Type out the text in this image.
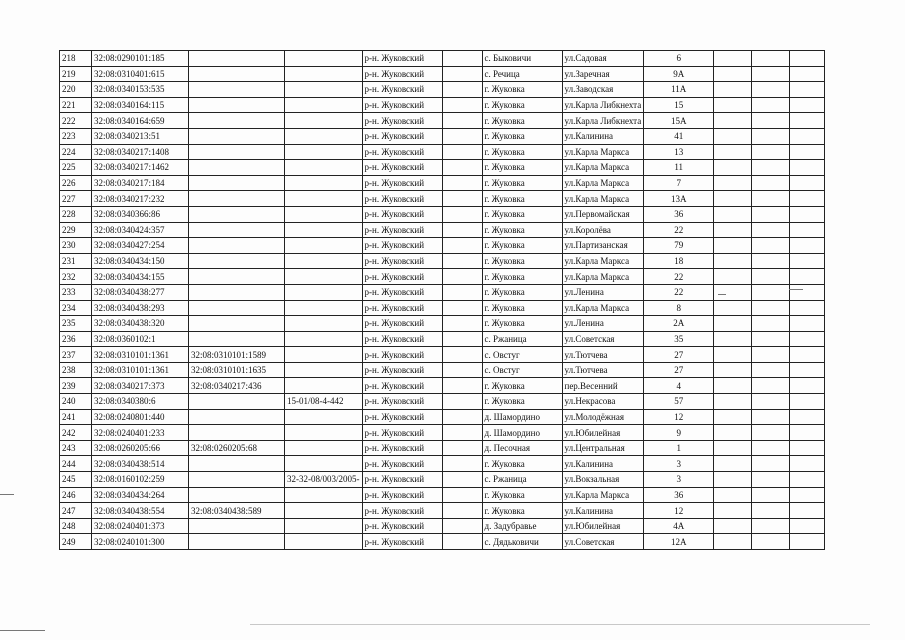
218	32:08:0290101:185			р-н. Жуковский		с. Быковичи	ул.Садовая	6			
219	32:08:0310401:615			р-н. Жуковский		с. Речица	ул.Заречная	9А			
220	32:08:0340153:535			р-н. Жуковский		г. Жуковка	ул.Заводская	11А			
221	32:08:0340164:115			р-н. Жуковский		г. Жуковка	ул.Карла Либкнехта	15			
222	32:08:0340164:659			р-н. Жуковский		г. Жуковка	ул.Карла Либкнехта	15А			
223	32:08:0340213:51			р-н. Жуковский		г. Жуковка	ул.Калинина	41			
224	32:08:0340217:1408			р-н. Жуковский		г. Жуковка	ул.Карла Маркса	13			
225	32:08:0340217:1462			р-н. Жуковский		г. Жуковка	ул.Карла Маркса	11			
226	32:08:0340217:184			р-н. Жуковский		г. Жуковка	ул.Карла Маркса	7			
227	32:08:0340217:232			р-н. Жуковский		г. Жуковка	ул.Карла Маркса	13А			
228	32:08:0340366:86			р-н. Жуковский		г. Жуковка	ул.Первомайская	36			
229	32:08:0340424:357			р-н. Жуковский		г. Жуковка	ул.Королёва	22			
230	32:08:0340427:254			р-н. Жуковский		г. Жуковка	ул.Партизанская	79			
231	32:08:0340434:150			р-н. Жуковский		г. Жуковка	ул.Карла Маркса	18			
232	32:08:0340434:155			р-н. Жуковский		г. Жуковка	ул.Карла Маркса	22			
233	32:08:0340438:277			р-н. Жуковский		г. Жуковка	ул.Ленина	22			
234	32:08:0340438:293			р-н. Жуковский		г. Жуковка	ул.Карла Маркса	8			
235	32:08:0340438:320			р-н. Жуковский		г. Жуковка	ул.Ленина	2А			
236	32:08:0360102:1			р-н. Жуковский		с. Ржаница	ул.Советская	35			
237	32:08:0310101:1361	32:08:0310101:1589		р-н. Жуковский		с. Овстуг	ул.Тютчева	27			
238	32:08:0310101:1361	32:08:0310101:1635		р-н. Жуковский		с. Овстуг	ул.Тютчева	27			
239	32:08:0340217:373	32:08:0340217:436		р-н. Жуковский		г. Жуковка	пер.Весенний	4			
240	32:08:0340380:6		15-01/08-4-442	р-н. Жуковский		г. Жуковка	ул.Некрасова	57			
241	32:08:0240801:440			р-н. Жуковский		д. Шамордино	ул.Молодёжная	12			
242	32:08:0240401:233			р-н. Жуковский		д. Шамордино	ул.Юбилейная	9			
243	32:08:0260205:66	32:08:0260205:68		р-н. Жуковский		д. Песочная	ул.Центральная	1			
244	32:08:0340438:514			р-н. Жуковский		г. Жуковка	ул.Калинина	3			
245	32:08:0160102:259		32-32-08/003/2005-	р-н. Жуковский		с. Ржаница	ул.Вокзальная	3			
246	32:08:0340434:264			р-н. Жуковский		г. Жуковка	ул.Карла Маркса	36			
247	32:08:0340438:554	32:08:0340438:589		р-н. Жуковский		г. Жуковка	ул.Калинина	12			
248	32:08:0240401:373			р-н. Жуковский		д. Задубравье	ул.Юбилейная	4А			
249	32:08:0240101:300			р-н. Жуковский		с. Дядьковичи	ул.Советская	12А			
